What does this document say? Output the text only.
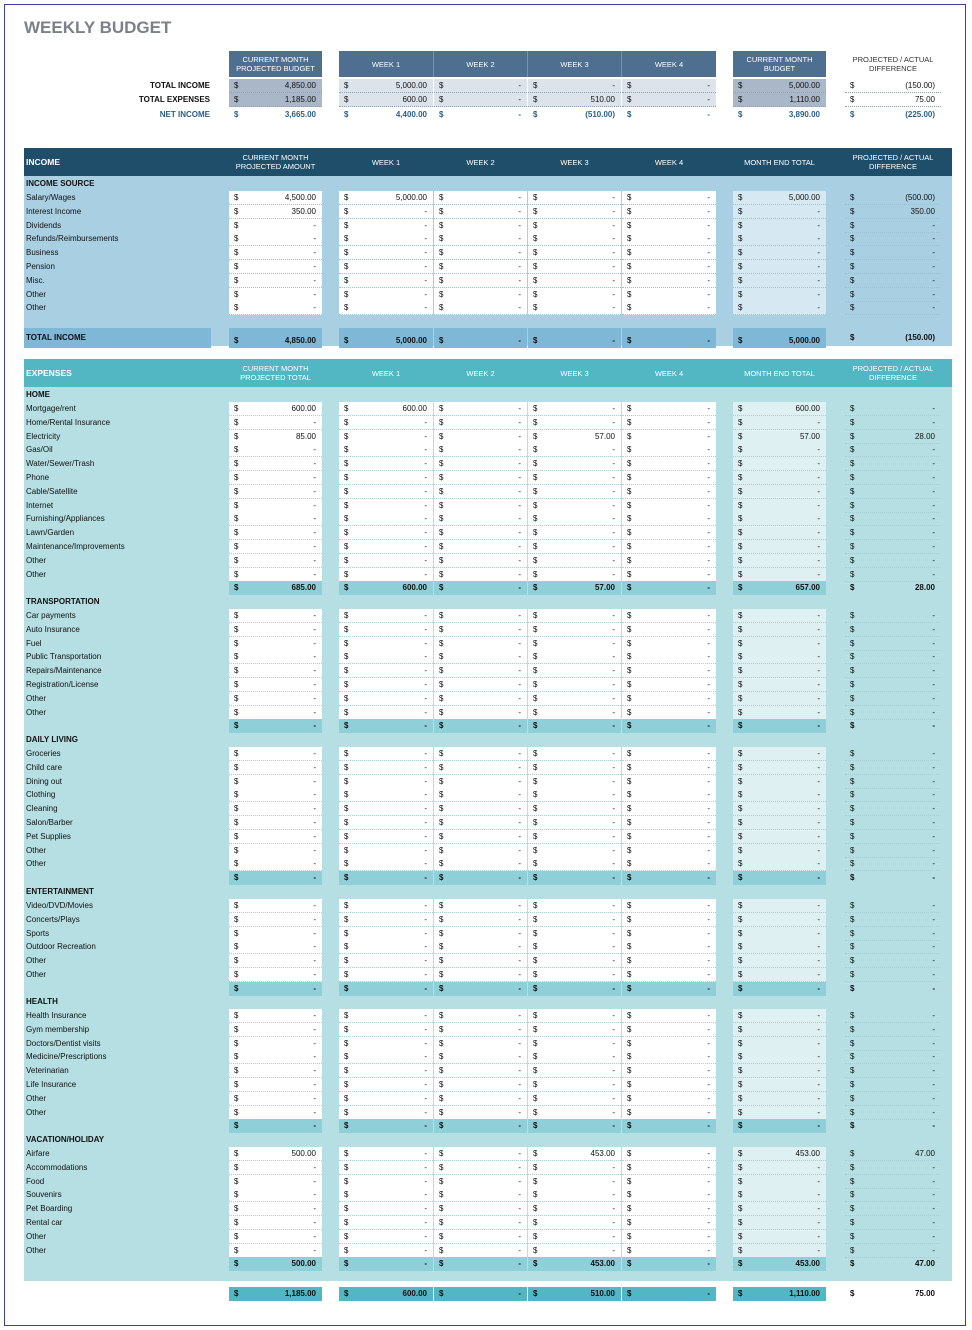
WEEKLY BUDGET
CURRENT MONTH PROJECTED BUDGET	WEEK 1	WEEK 2	WEEK 3	WEEK 4	CURRENT MONTH BUDGET
PROJECTED / ACTUAL DIFFERENCE
TOTAL INCOME	$	4,850.00	$	5,000.00 $	- $	- $	-	$	5,000.00	$	(150.00)
TOTAL EXPENSES	$	1,185.00	$	600.00 $	- $	510.00 $	-	$	1,110.00	$	75.00
NET INCOME	$	3,665.00	$	4,400.00 $	- $	(510.00) $	-	$	3,890.00	$	(225.00)
INCOME	CURRENT MONTH PROJECTED AMOUNT	WEEK 1	WEEK 2	WEEK 3	WEEK 4	MONTH END TOTAL	PROJECTED / ACTUAL DIFFERENCE
INCOME SOURCE
Salary/Wages	$	4,500.00	$	5,000.00 $	- $	- $	-	$	5,000.00	$	(500.00)
Interest Income	$	350.00	$	- $	- $	- $	-	$	-	$	350.00
Dividends	$	-	$	- $	- $	- $	-	$	-	$	-
Refunds/Reimbursements	$	-	$	- $	- $	- $	-	$	-	$	-
Business	$	-	$	- $	- $	- $	-	$	-	$	-
Pension	$	-	$	- $	- $	- $	-	$	-	$	-
Misc.	$	-	$	- $	- $	- $	-	$	-	$	-
Other	$	-	$	- $	- $	- $	-	$	-	$	-
Other	$	-	$	- $	- $	- $	-	$	-	$	-
TOTAL INCOME	$	4,850.00	$	5,000.00 $	- $	- $	-	$	5,000.00	$	(150.00)
EXPENSES	CURRENT MONTH PROJECTED TOTAL	WEEK 1	WEEK 2	WEEK 3	WEEK 4	MONTH END TOTAL	PROJECTED / ACTUAL DIFFERENCE
HOME
Mortgage/rent	$	600.00	$	600.00 $	- $	- $	-	$	600.00	$	-
Home/Rental Insurance	$	-	$	- $	- $	- $	-	$	-	$	-
Electricity	$	85.00	$	- $	- $	57.00 $	-	$	57.00	$	28.00
Gas/Oil	$	-	$	- $	- $	- $	-	$	-	$	-
Water/Sewer/Trash	$	-	$	- $	- $	- $	-	$	-	$	-
Phone	$	-	$	- $	- $	- $	-	$	-	$	-
Cable/Satellite	$	-	$	- $	- $	- $	-	$	-	$	-
Internet	$	-	$	- $	- $	- $	-	$	-	$	-
Furnishing/Appliances	$	-	$	- $	- $	- $	-	$	-	$	-
Lawn/Garden	$	-	$	- $	- $	- $	-	$	-	$	-
Maintenance/Improvements	$	-	$	- $	- $	- $	-	$	-	$	-
Other	$	-	$	- $	- $	- $	-	$	-	$	-
Other	$	-	$	- $	- $	- $	-	$	-	$	-
$	685.00	$	600.00 $	- $	57.00 $	-	$	657.00	$	28.00
TRANSPORTATION
Car payments	$	-	$	- $	- $	- $	-	$	-	$	-
Auto Insurance	$	-	$	- $	- $	- $	-	$	-	$	-
Fuel	$	-	$	- $	- $	- $	-	$	-	$	-
Public Transportation	$	-	$	- $	- $	- $	-	$	-	$	-
Repairs/Maintenance	$	-	$	- $	- $	- $	-	$	-	$	-
Registration/License	$	-	$	- $	- $	- $	-	$	-	$	-
Other	$	-	$	- $	- $	- $	-	$	-	$	-
Other	$	-	$	- $	- $	- $	-	$	-	$	-
$	-	$	- $	- $	- $	-	$	-	$	-
DAILY LIVING
Groceries	$	-	$	- $	- $	- $	-	$	-	$	-
Child care	$	-	$	- $	- $	- $	-	$	-	$	-
Dining out	$	-	$	- $	- $	- $	-	$	-	$	-
Clothing	$	-	$	- $	- $	- $	-	$	-	$	-
Cleaning	$	-	$	- $	- $	- $	-	$	-	$	-
Salon/Barber	$	-	$	- $	- $	- $	-	$	-	$	-
Pet Supplies	$	-	$	- $	- $	- $	-	$	-	$	-
Other	$	-	$	- $	- $	- $	-	$	-	$	-
Other	$	-	$	- $	- $	- $	-	$	-	$	-
$	-	$	- $	- $	- $	-	$	-	$	-
ENTERTAINMENT
Video/DVD/Movies	$	-	$	- $	- $	- $	-	$	-	$	-
Concerts/Plays	$	-	$	- $	- $	- $	-	$	-	$	-
Sports	$	-	$	- $	- $	- $	-	$	-	$	-
Outdoor Recreation	$	-	$	- $	- $	- $	-	$	-	$	-
Other	$	-	$	- $	- $	- $	-	$	-	$	-
Other	$	-	$	- $	- $	- $	-	$	-	$	-
$	-	$	- $	- $	- $	-	$	-	$	-
HEALTH
Health Insurance	$	-	$	- $	- $	- $	-	$	-	$	-
Gym membership	$	-	$	- $	- $	- $	-	$	-	$	-
Doctors/Dentist visits	$	-	$	- $	- $	- $	-	$	-	$	-
Medicine/Prescriptions	$	-	$	- $	- $	- $	-	$	-	$	-
Veterinarian	$	-	$	- $	- $	- $	-	$	-	$	-
Life Insurance	$	-	$	- $	- $	- $	-	$	-	$	-
Other	$	-	$	- $	- $	- $	-	$	-	$	-
Other	$	-	$	- $	- $	- $	-	$	-	$	-
$	-	$	- $	- $	- $	-	$	-	$	-
VACATION/HOLIDAY
Airfare	$	500.00	$	- $	- $	453.00 $	-	$	453.00	$	47.00
Accommodations	$	-	$	- $	- $	- $	-	$	-	$	-
Food	$	-	$	- $	- $	- $	-	$	-	$	-
Souvenirs	$	-	$	- $	- $	- $	-	$	-	$	-
Pet Boarding	$	-	$	- $	- $	- $	-	$	-	$	-
Rental car	$	-	$	- $	- $	- $	-	$	-	$	-
Other	$	-	$	- $	- $	- $	-	$	-	$	-
Other	$	-	$	- $	- $	- $	-	$	-	$	-
$	500.00	$	- $	- $	453.00 $	-	$	453.00	$	47.00
$	1,185.00	$	600.00 $	- $	510.00 $	-	$	1,110.00	$	75.00
